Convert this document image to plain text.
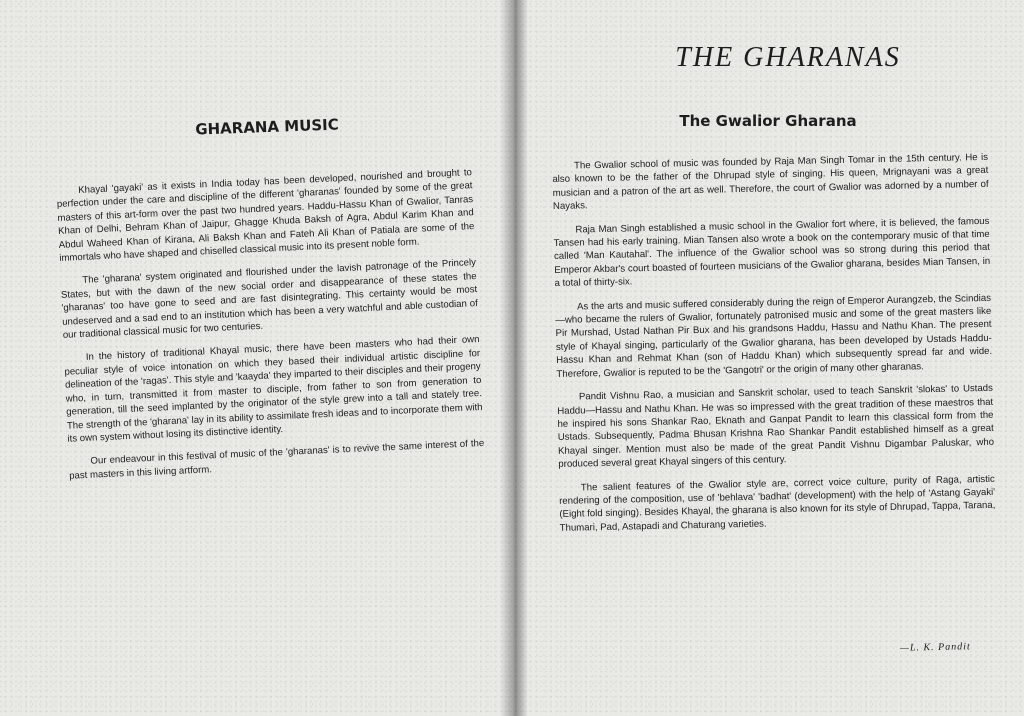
GHARANA MUSIC

Khayal 'gayaki' as it exists in India today has been developed, nourished and brought to perfection under the care and discipline of the different 'gharanas' founded by some of the great masters of this art-form over the past two hundred years. Haddu-Hassu Khan of Gwalior, Tanras Khan of Delhi, Behram Khan of Jaipur, Ghagge Khuda Baksh of Agra, Abdul Karim Khan and Abdul Waheed Khan of Kirana, Ali Baksh Khan and Fateh Ali Khan of Patiala are some of the immortals who have shaped and chiselled classical music into its present noble form.

The 'gharana' system originated and flourished under the lavish patronage of the Princely States, but with the dawn of the new social order and disappearance of these states the 'gharanas' too have gone to seed and are fast disintegrating. This certainty would be most undeserved and a sad end to an institution which has been a very watchful and able custodian of our traditional classical music for two centuries.

In the history of traditional Khayal music, there have been masters who had their own peculiar style of voice intonation on which they based their individual artistic discipline for delineation of the 'ragas'. This style and 'kaayda' they imparted to their disciples and their progeny who, in turn, transmitted it from master to disciple, from father to son from generation to generation, till the seed implanted by the originator of the style grew into a tall and stately tree. The strength of the 'gharana' lay in its ability to assimilate fresh ideas and to incorporate them with its own system without losing its distinctive identity.

Our endeavour in this festival of music of the 'gharanas' is to revive the same interest of the past masters in this living artform.

THE GHARANAS
The Gwalior Gharana

The Gwalior school of music was founded by Raja Man Singh Tomar in the 15th century. He is also known to be the father of the Dhrupad style of singing. His queen, Mrignayani was a great musician and a patron of the art as well. Therefore, the court of Gwalior was adorned by a number of Nayaks.

Raja Man Singh established a music school in the Gwalior fort where, it is believed, the famous Tansen had his early training. Mian Tansen also wrote a book on the contemporary music of that time called 'Man Kautahal'. The influence of the Gwalior school was so strong during this period that Emperor Akbar's court boasted of fourteen musicians of the Gwalior gharana, besides Mian Tansen, in a total of thirty-six.

As the arts and music suffered considerably during the reign of Emperor Aurangzeb, the Scindias—who became the rulers of Gwalior, fortunately patronised music and some of the great masters like Pir Murshad, Ustad Nathan Pir Bux and his grandsons Haddu, Hassu and Nathu Khan. The present style of Khayal singing, particularly of the Gwalior gharana, has been developed by Ustads Haddu-Hassu Khan and Rehmat Khan (son of Haddu Khan) which subsequently spread far and wide. Therefore, Gwalior is reputed to be the 'Gangotri' or the origin of many other gharanas.

Pandit Vishnu Rao, a musician and Sanskrit scholar, used to teach Sanskrit 'slokas' to Ustads Haddu—Hassu and Nathu Khan. He was so impressed with the great tradition of these maestros that he inspired his sons Shankar Rao, Eknath and Ganpat Pandit to learn this classical form from the Ustads. Subsequently, Padma Bhusan Krishna Rao Shankar Pandit established himself as a great Khayal singer. Mention must also be made of the great Pandit Vishnu Digambar Paluskar, who produced several great Khayal singers of this century.

The salient features of the Gwalior style are, correct voice culture, purity of Raga, artistic rendering of the composition, use of 'behlava' 'badhat' (development) with the help of 'Astang Gayaki' (Eight fold singing). Besides Khayal, the gharana is also known for its style of Dhrupad, Tappa, Tarana, Thumari, Pad, Astapadi and Chaturang varieties.

—L. K. Pandit
